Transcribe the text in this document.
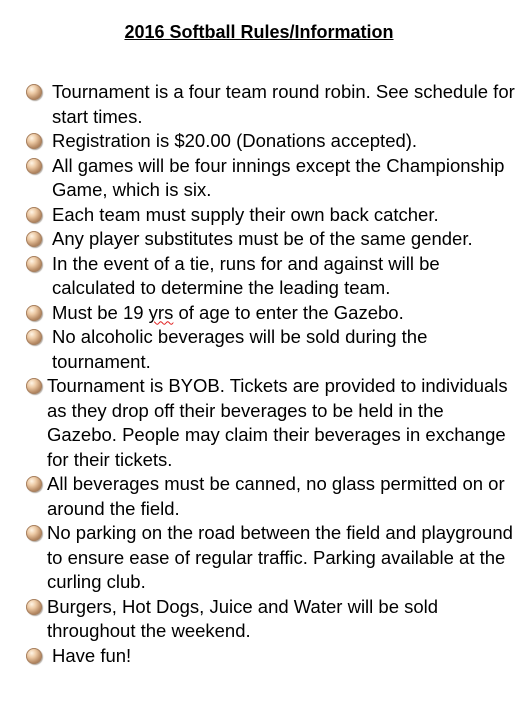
2016 Softball Rules/Information
Tournament is a four team round robin. See schedule for start times.
Registration is $20.00 (Donations accepted).
All games will be four innings except the Championship Game, which is six.
Each team must supply their own back catcher.
Any player substitutes must be of the same gender.
In the event of a tie, runs for and against will be calculated to determine the leading team.
Must be 19 yrs of age to enter the Gazebo.
No alcoholic beverages will be sold during the tournament.
Tournament is BYOB. Tickets are provided to individuals as they drop off their beverages to be held in the Gazebo. People may claim their beverages in exchange for their tickets.
All beverages must be canned, no glass permitted on or around the field.
No parking on the road between the field and playground to ensure ease of regular traffic. Parking available at the curling club.
Burgers, Hot Dogs, Juice and Water will be sold throughout the weekend.
Have fun!
